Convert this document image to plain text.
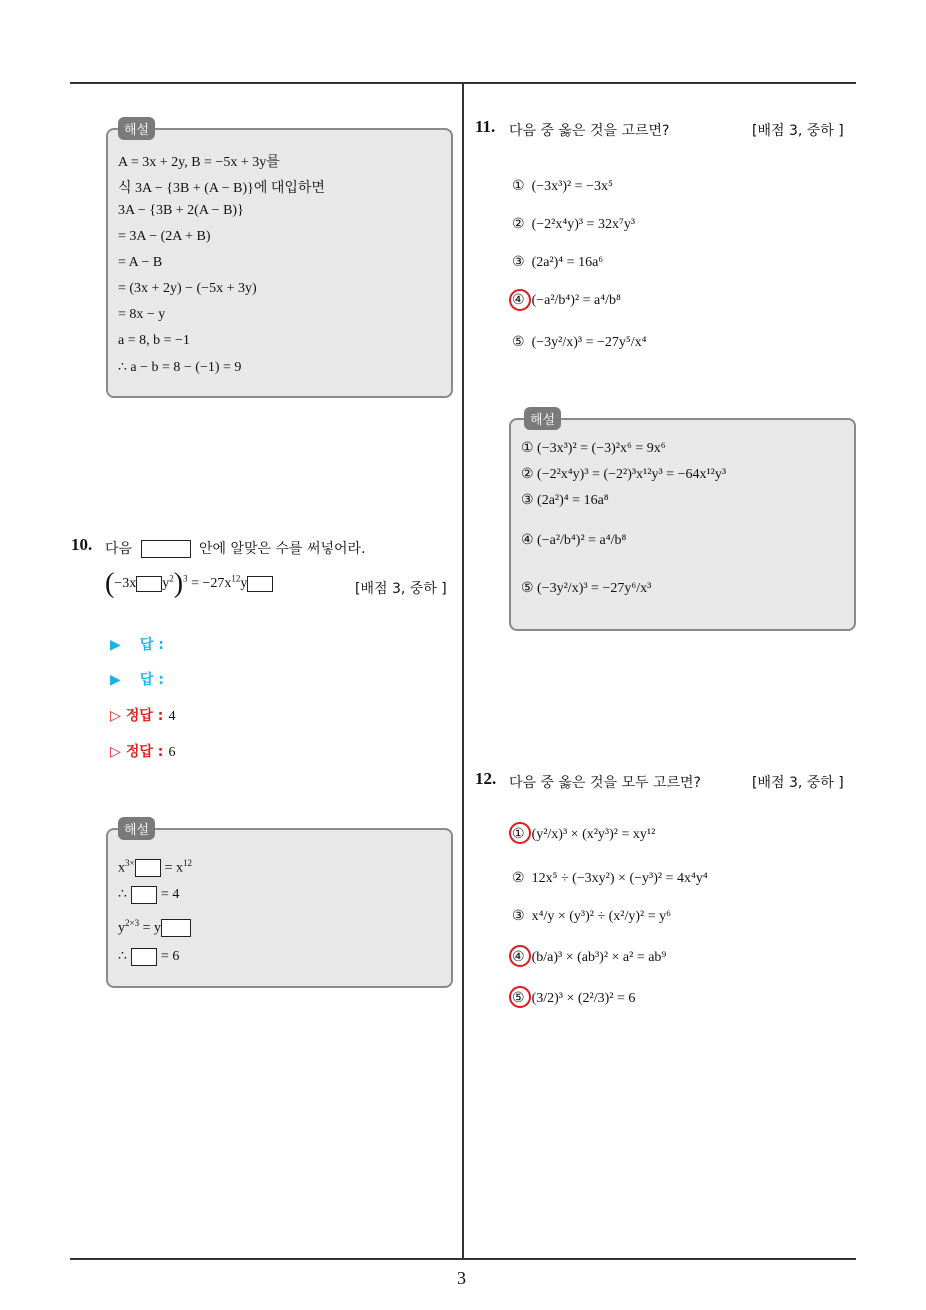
3
해설
A = 3x + 2y, B = −5x + 3y를
식 3A − {3B + (A − B)}에 대입하면
3A − {3B + 2(A − B)}
= 3A − (2A + B)
= A − B
= (3x + 2y) − (−5x + 3y)
= 8x − y
a = 8, b = −1
∴ a − b = 8 − (−1) = 9
10. 다음	안에 알맞은 수를 써넣어라.
(−3x $y^2)^3 = -27x^{12}y$	[배점 3, 중하 ]
▶ 답 :
▶ 답 :
▷ 정답 : 4
▷ 정답 : 6
해설
$x^{3\times} = x^{12}$
∴ = 4
$y^{2\times 3} = y$
∴ = 6
11. 다음 중 옳은 것을 고르면?	[배점 3, 중하 ]
① (−3x³)² = −3x⁵
② (−2²x⁴y)³ = 32x⁷y³
③ (2a²)⁴ = 16a⁶
④ (−a²/b⁴)² = a⁴/b⁸
⑤ (−3y²/x)³ = −27y⁵/x⁴
해설
① (−3x³)² = (−3)²x⁶ = 9x⁶
② (−2²x⁴y)³ = (−2²)³x¹²y³ = −64x¹²y³
③ (2a²)⁴ = 16a⁸
④ (−a²/b⁴)² = a⁴/b⁸
⑤ (−3y²/x)³ = −27y⁶/x³
12. 다음 중 옳은 것을 모두 고르면?	[배점 3, 중하 ]
① (y²/x)³ × (x²y³)² = xy¹²
② 12x⁵ ÷ (−3xy²) × (−y³)² = 4x⁴y⁴
③ x⁴/y × (y³)² ÷ (x²/y)² = y⁶
④ (b/a)³ × (ab³)² × a² = ab⁹
⑤ (3/2)³ × (2²/3)² = 6
